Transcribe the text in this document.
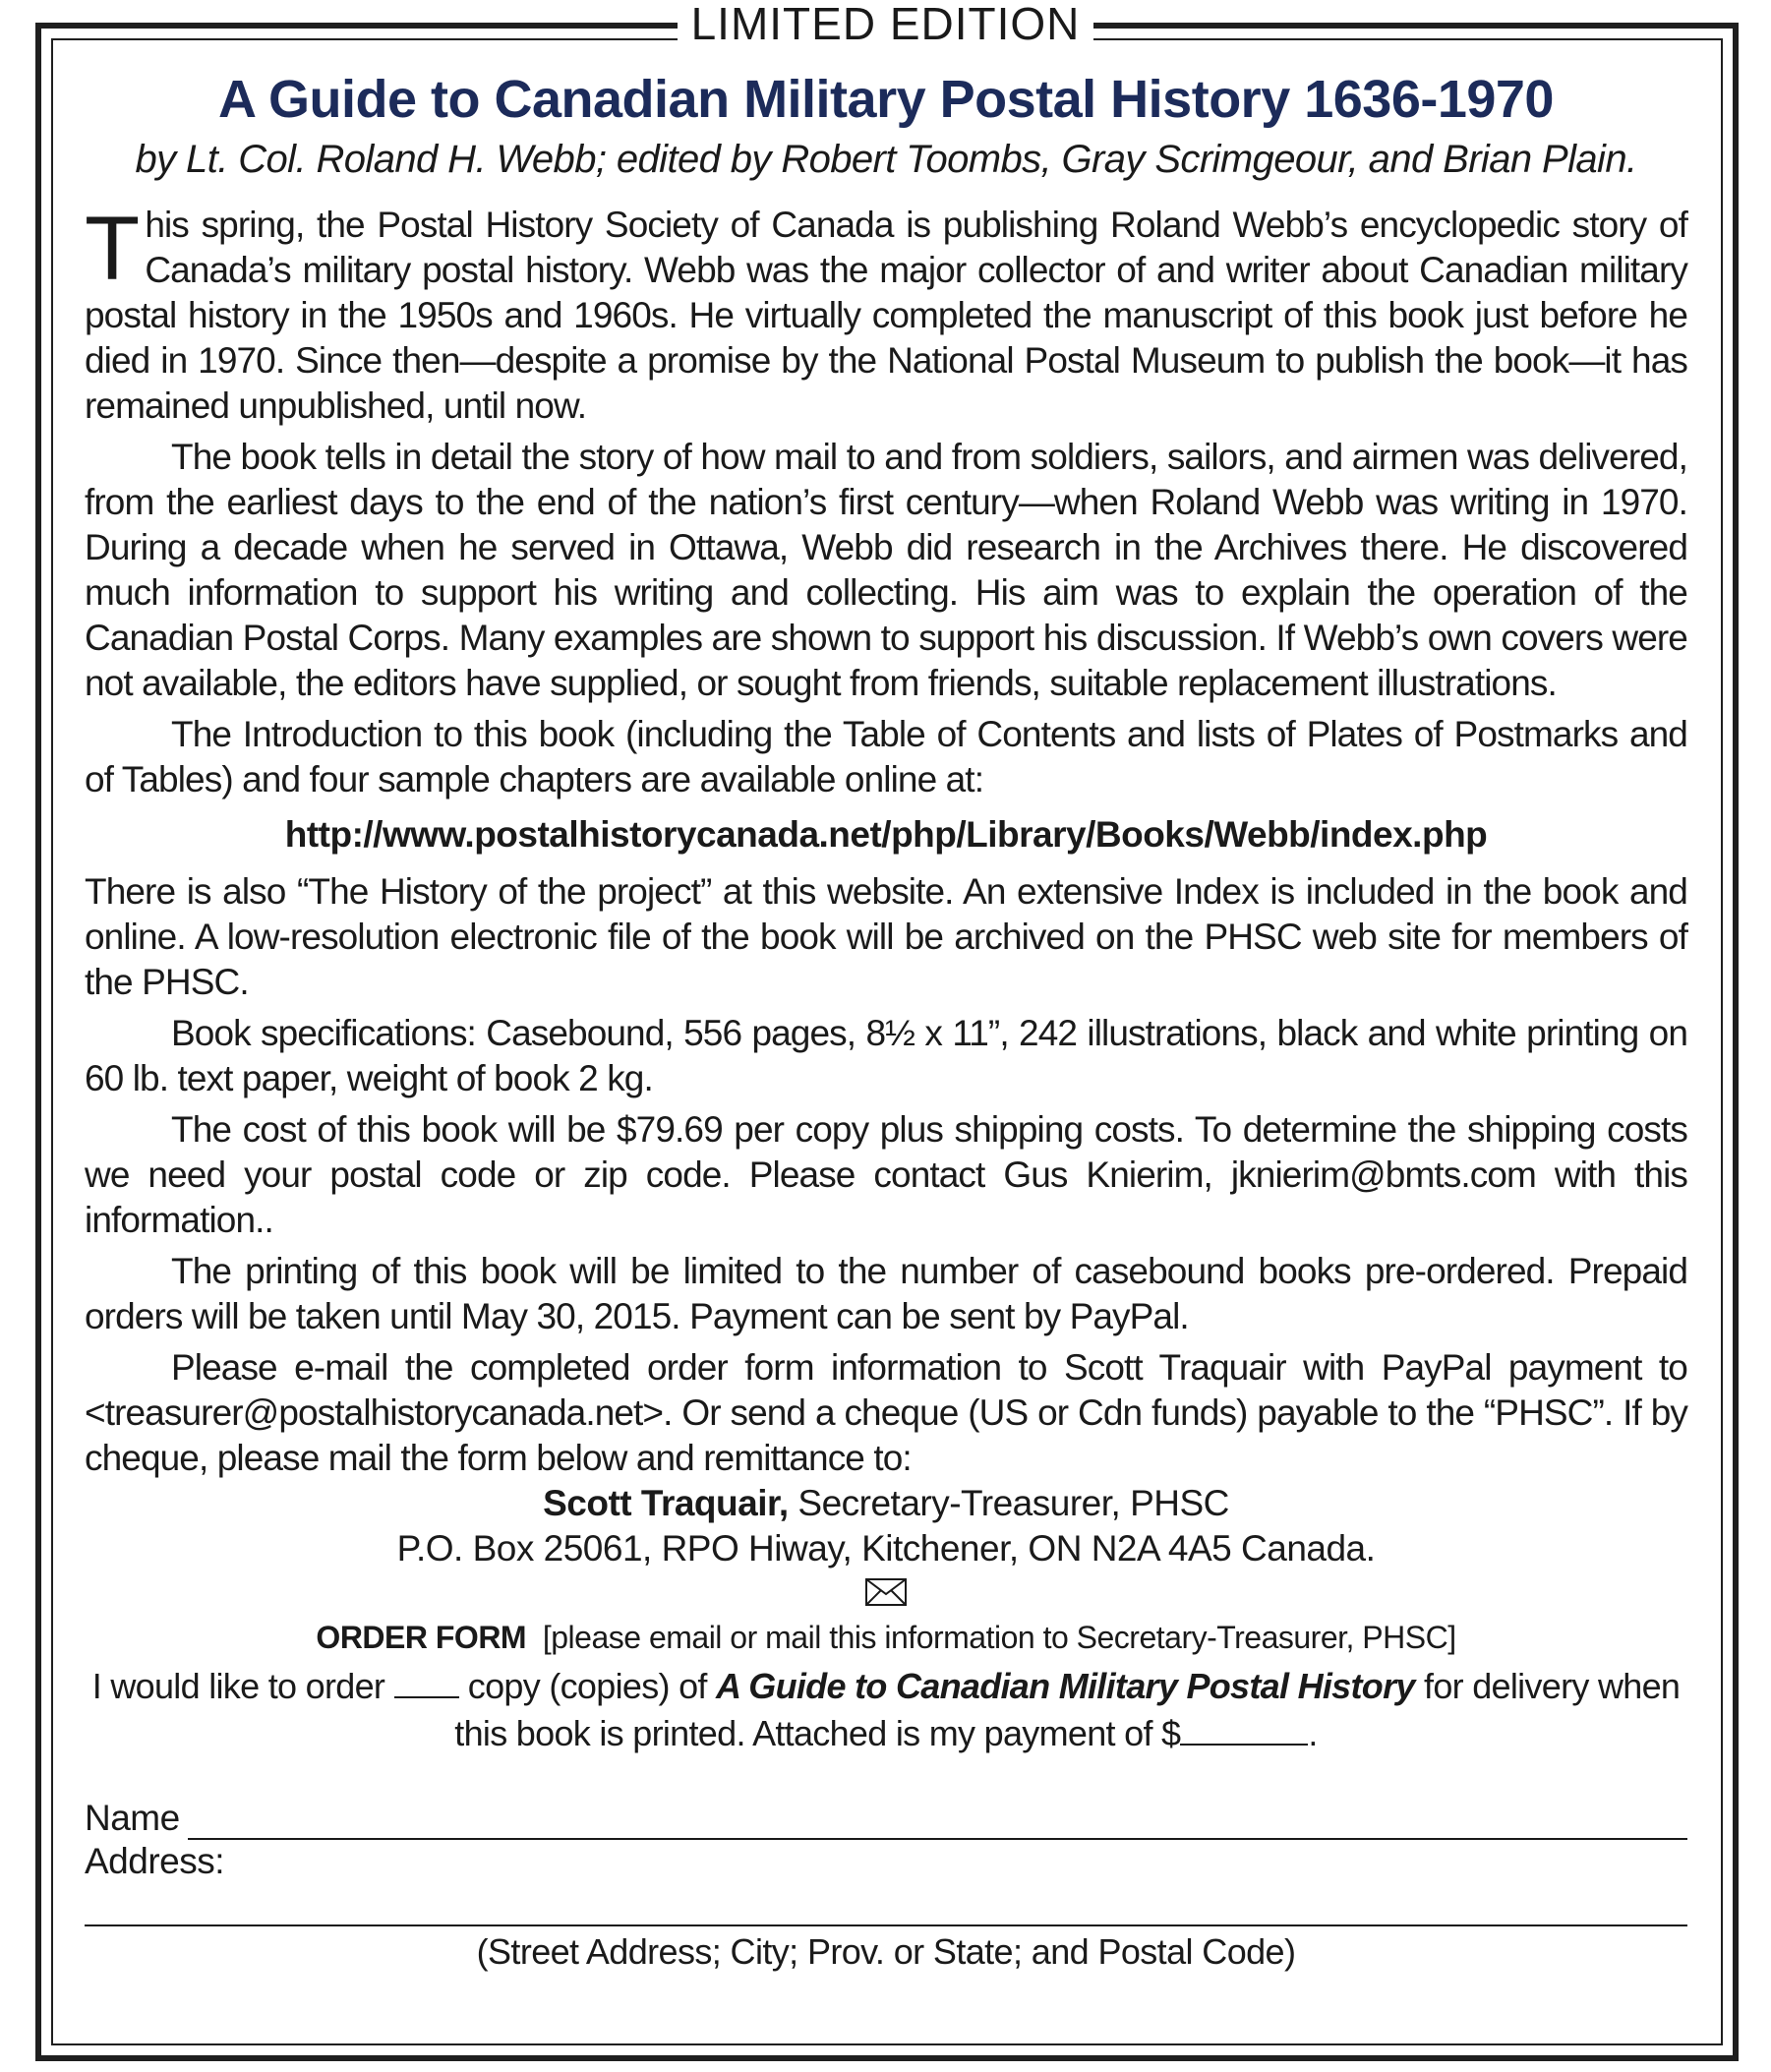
LIMITED EDITION
A Guide to Canadian Military Postal History 1636-1970
by Lt. Col. Roland H. Webb; edited by Robert Toombs, Gray Scrimgeour, and Brian Plain.

This spring, the Postal History Society of Canada is publishing Roland Webb’s encyclopedic story of Canada’s military postal history. Webb was the major collector of and writer about Canadian military postal history in the 1950s and 1960s. He virtually completed the manuscript of this book just before he died in 1970. Since then—despite a promise by the National Postal Museum to publish the book—it has remained unpublished, until now.

The book tells in detail the story of how mail to and from soldiers, sailors, and airmen was delivered, from the earliest days to the end of the nation’s first century—when Roland Webb was writing in 1970. During a decade when he served in Ottawa, Webb did research in the Archives there. He discovered much information to support his writing and collecting. His aim was to explain the operation of the Canadian Postal Corps. Many examples are shown to support his discussion. If Webb’s own covers were not available, the editors have supplied, or sought from friends, suitable replacement illustrations.

The Introduction to this book (including the Table of Contents and lists of Plates of Postmarks and of Tables) and four sample chapters are available online at:

http://www.postalhistorycanada.net/php/Library/Books/Webb/index.php

There is also “The History of the project” at this website. An extensive Index is included in the book and online. A low-resolution electronic file of the book will be archived on the PHSC web site for members of the PHSC.

Book specifications: Casebound, 556 pages, 8½ x 11”, 242 illustrations, black and white printing on 60 lb. text paper, weight of book 2 kg.

The cost of this book will be $79.69 per copy plus shipping costs. To determine the shipping costs we need your postal code or zip code. Please contact Gus Knierim, jknierim@bmts.com with this information..

The printing of this book will be limited to the number of casebound books pre-ordered. Prepaid orders will be taken until May 30, 2015. Payment can be sent by PayPal.

Please e-mail the completed order form information to Scott Traquair with PayPal payment to <treasurer@postalhistorycanada.net>. Or send a cheque (US or Cdn funds) payable to the “PHSC”. If by cheque, please mail the form below and remittance to:

Scott Traquair, Secretary-Treasurer, PHSC
P.O. Box 25061, RPO Hiway, Kitchener, ON N2A 4A5 Canada.
ORDER FORM [please email or mail this information to Secretary-Treasurer, PHSC]
I would like to order  copy (copies) of A Guide to Canadian Military Postal History for delivery when
this book is printed. Attached is my payment of $	.
Name
Address:
(Street Address; City; Prov. or State; and Postal Code)
